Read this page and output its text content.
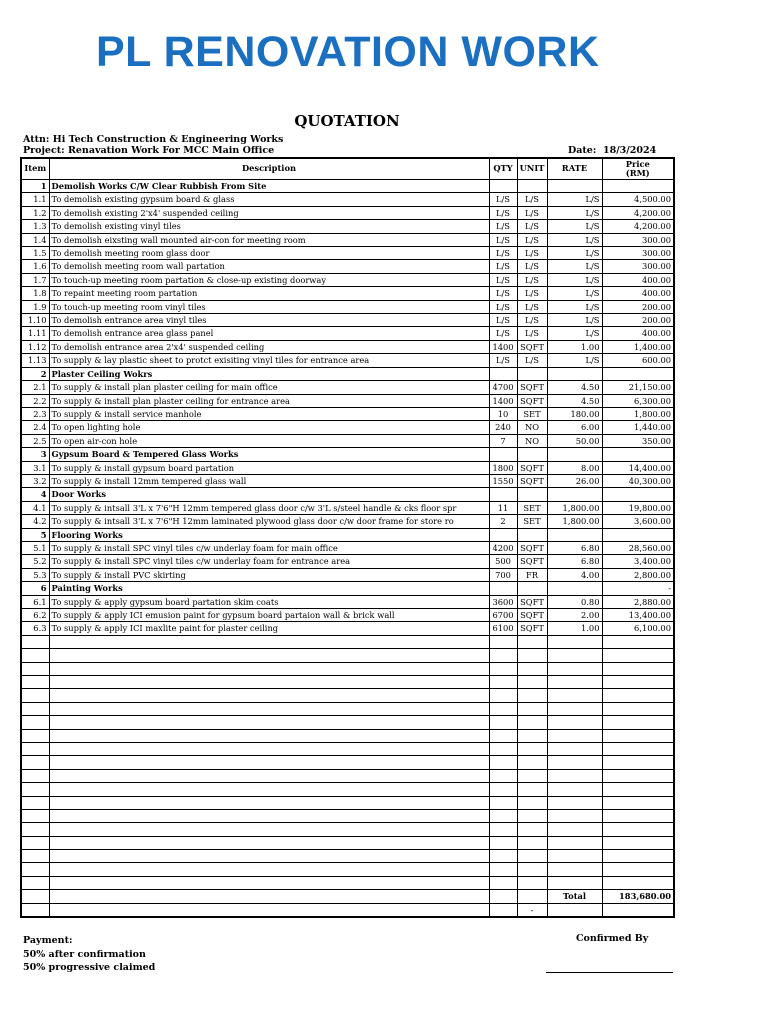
PL RENOVATION WORK
QUOTATION
Attn: Hi Tech Construction & Engineering Works
Project: Renavation Work For MCC Main Office	Date: 18/3/2024
Item	Description	QTY	UNIT	RATE	Price
(RM)
1	Demolish Works C/W Clear Rubbish From Site				
1.1	To demolish existing gypsum board & glass	L/S	L/S	L/S	4,500.00
1.2	To demolish existing 2'x4' suspended ceiling	L/S	L/S	L/S	4,200.00
1.3	To demolish existing vinyl tiles	L/S	L/S	L/S	4,200.00
1.4	To demolish eixsting wall mounted air-con for meeting room	L/S	L/S	L/S	300.00
1.5	To demolish meeting room glass door	L/S	L/S	L/S	300.00
1.6	To demolish meeting room wall partation	L/S	L/S	L/S	300.00
1.7	To touch-up meeting room partation & close-up existing doorway	L/S	L/S	L/S	400.00
1.8	To repaint meeting room partation	L/S	L/S	L/S	400.00
1.9	To touch-up meeting room vinyl tiles	L/S	L/S	L/S	200.00
1.10	To demolish entrance area vinyl tiles	L/S	L/S	L/S	200.00
1.11	To demolish entrance area glass panel	L/S	L/S	L/S	400.00
1.12	To demolish entrance area 2'x4' suspended ceiling	1400	SQFT	1.00	1,400.00
1.13	To supply & lay plastic sheet to protct exisiting vinyl tiles for entrance area	L/S	L/S	L/S	600.00
2	Plaster Ceiling Wokrs				
2.1	To supply & install plan plaster ceiling for main office	4700	SQFT	4.50	21,150.00
2.2	To supply & install plan plaster ceiling for entrance area	1400	SQFT	4.50	6,300.00
2.3	To supply & install service manhole	10	SET	180.00	1,800.00
2.4	To open lighting hole	240	NO	6.00	1,440.00
2.5	To open air-con hole	7	NO	50.00	350.00
3	Gypsum Board & Tempered Glass Works				
3.1	To supply & install gypsum board partation	1800	SQFT	8.00	14,400.00
3.2	To supply & install 12mm tempered glass wall	1550	SQFT	26.00	40,300.00
4	Door Works				
4.1	To supply & intsall 3'L x 7'6"H 12mm tempered glass door c/w 3'L s/steel handle & cks floor spr	11	SET	1,800.00	19,800.00
4.2	To supply & intsall 3'L x 7'6"H 12mm laminated plywood glass door c/w door frame for store ro	2	SET	1,800.00	3,600.00
5	Flooring Works				
5.1	To supply & install SPC vinyl tiles c/w underlay foam for main office	4200	SQFT	6.80	28,560.00
5.2	To supply & install SPC vinyl tiles c/w underlay foam for entrance area	500	SQFT	6.80	3,400.00
5.3	To supply & install PVC skirting	700	FR	4.00	2,800.00
6	Painting Works				-
6.1	To supply & apply gypsum board partation skim coats	3600	SQFT	0.80	2,880.00
6.2	To supply & apply ICI emusion paint for gypsum board partaion wall & brick wall	6700	SQFT	2.00	13,400.00
6.3	To supply & apply ICI maxlite paint for plaster ceiling	6100	SQFT	1.00	6,100.00

				Total	183,680.00
			-		
Payment:
50% after confirmation
50% progressive claimed
Confirmed By
